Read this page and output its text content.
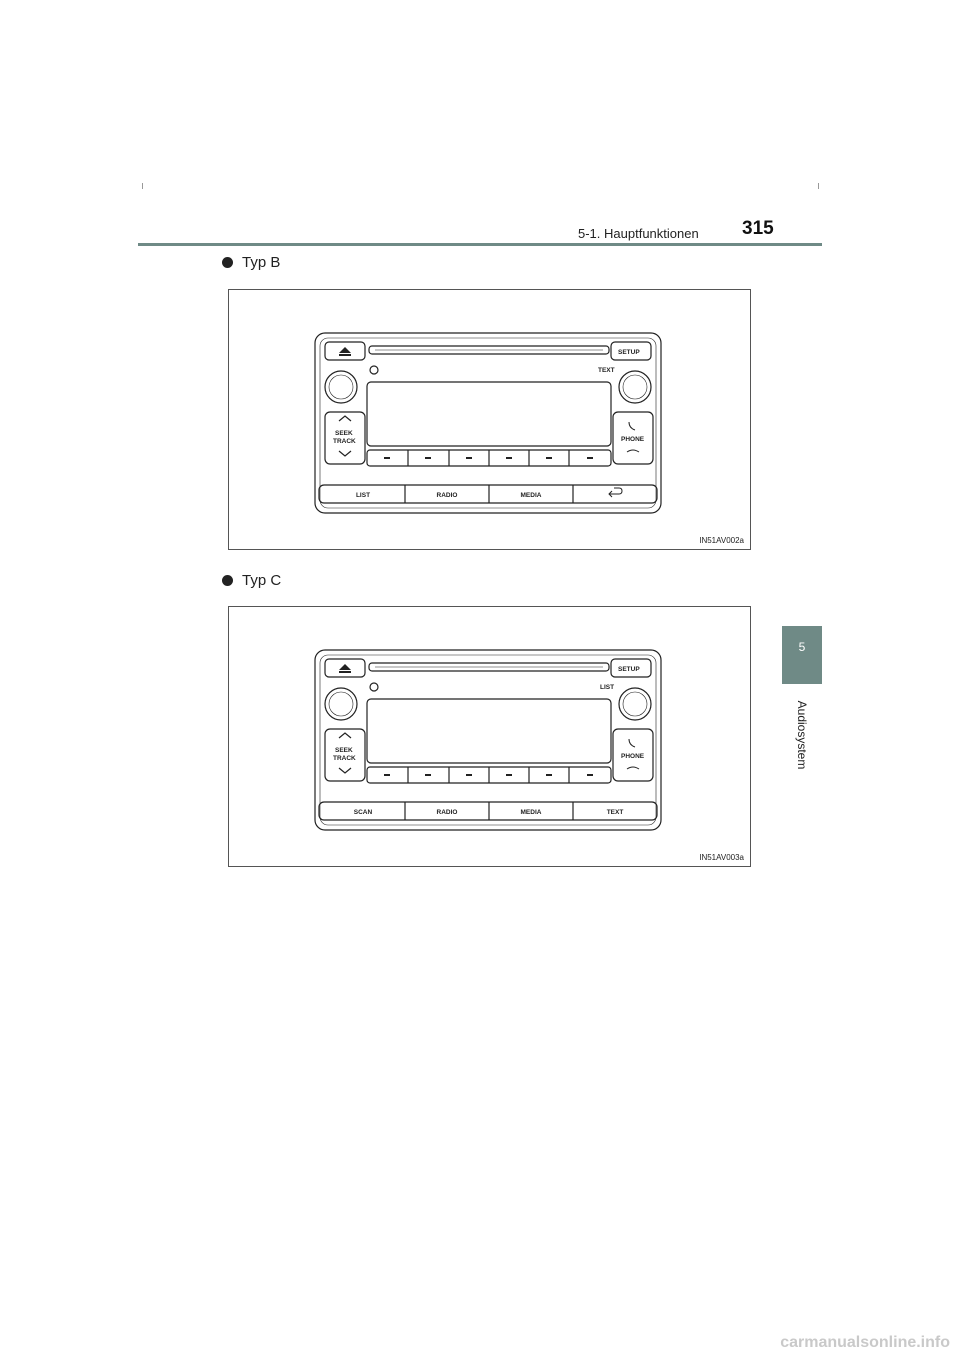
5-1. Hauptfunktionen 315
5
Audiosystem
Typ B
SETUP
TEXT
SEEK
TRACK	PHONE
LIST	RADIO	MEDIA
IN51AV002a
Typ C
SETUP
LIST
SEEK
TRACK	PHONE
SCAN	RADIO	MEDIA	TEXT
IN51AV003a
carmanualsonline.info
